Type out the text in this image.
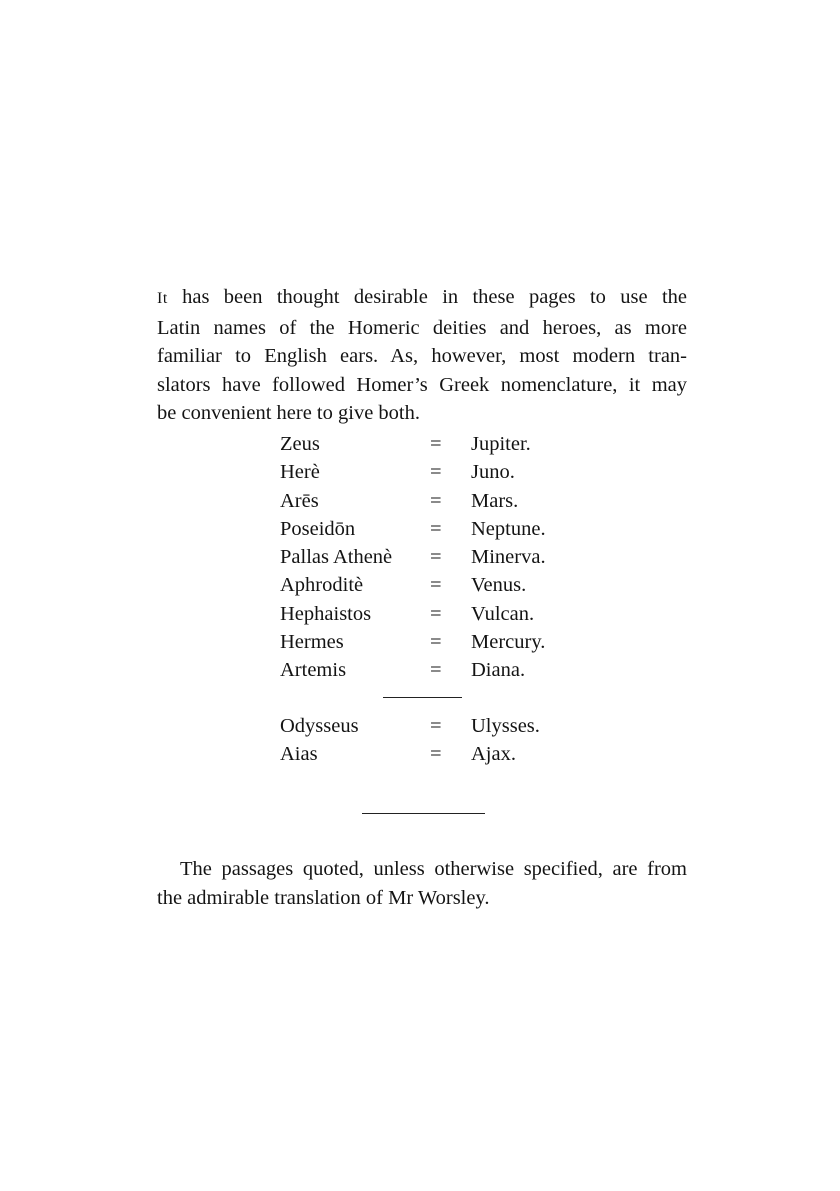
It has been thought desirable in these pages to use the
Latin names of the Homeric deities and heroes, as more
familiar to English ears. As, however, most modern tran-
slators have followed Homer’s Greek nomenclature, it may
be convenient here to give both.
Zeus	= Jupiter.
Herè	= Juno.
Arēs	= Mars.
Poseidōn	= Neptune.
Pallas Athenè = Minerva.
Aphroditè	= Venus.
Hephaistos	= Vulcan.
Hermes	= Mercury.
Artemis	= Diana.
Odysseus	= Ulysses.
Aias	= Ajax.
The passages quoted, unless otherwise specified, are from
the admirable translation of Mr Worsley.
